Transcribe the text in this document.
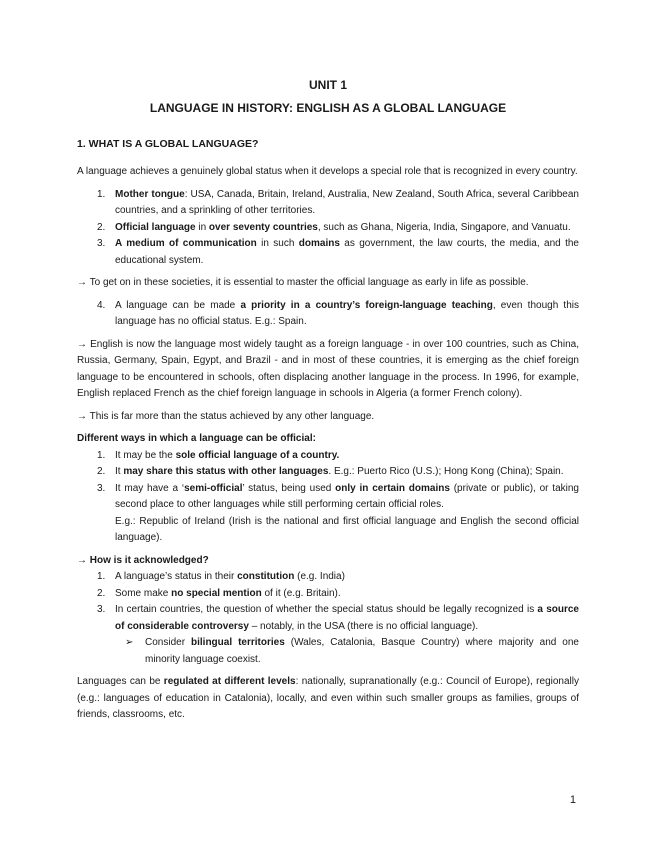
UNIT 1
LANGUAGE IN HISTORY: ENGLISH AS A GLOBAL LANGUAGE
1. WHAT IS A GLOBAL LANGUAGE?

A language achieves a genuinely global status when it develops a special role that is recognized in every country.

1. Mother tongue: USA, Canada, Britain, Ireland, Australia, New Zealand, South Africa, several Caribbean countries, and a sprinkling of other territories.
2. Official language in over seventy countries, such as Ghana, Nigeria, India, Singapore, and Vanuatu.
3. A medium of communication in such domains as government, the law courts, the media, and the educational system.

→ To get on in these societies, it is essential to master the official language as early in life as possible.

4. A language can be made a priority in a country’s foreign-language teaching, even though this language has no official status. E.g.: Spain.

→ English is now the language most widely taught as a foreign language - in over 100 countries, such as China, Russia, Germany, Spain, Egypt, and Brazil - and in most of these countries, it is emerging as the chief foreign language to be encountered in schools, often displacing another language in the process. In 1996, for example, English replaced French as the chief foreign language in schools in Algeria (a former French colony).

→ This is far more than the status achieved by any other language.

Different ways in which a language can be official:

1. It may be the sole official language of a country.
2. It may share this status with other languages. E.g.: Puerto Rico (U.S.); Hong Kong (China); Spain.
3. It may have a ‘semi-official’ status, being used only in certain domains (private or public), or taking second place to other languages while still performing certain official roles.
E.g.: Republic of Ireland (Irish is the national and first official language and English the second official language).

→ How is it acknowledged?

1. A language’s status in their constitution (e.g. India)
2. Some make no special mention of it (e.g. Britain).
3. In certain countries, the question of whether the special status should be legally recognized is a source of considerable controversy – notably, in the USA (there is no official language).
➢	Consider bilingual territories (Wales, Catalonia, Basque Country) where majority and one minority language coexist.

Languages can be regulated at different levels: nationally, supranationally (e.g.: Council of Europe), regionally (e.g.: languages of education in Catalonia), locally, and even within such smaller groups as families, groups of friends, classrooms, etc.

1
